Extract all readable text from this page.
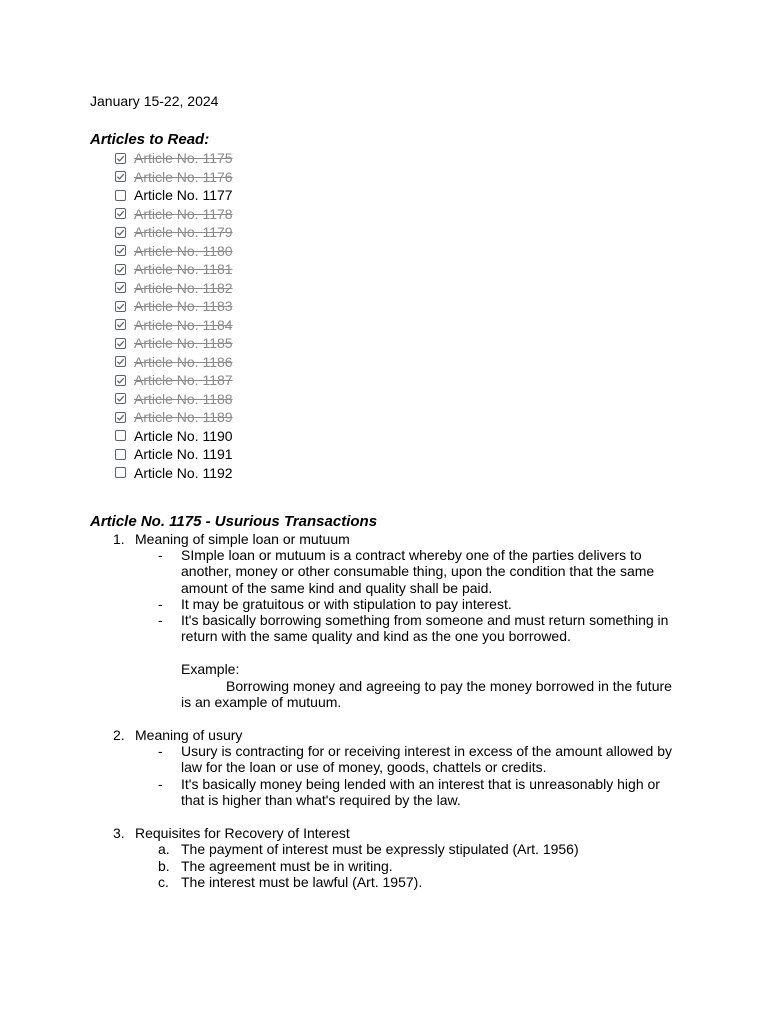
January 15-22, 2024
Articles to Read:
Article No. 1175
Article No. 1176
Article No. 1177
Article No. 1178
Article No. 1179
Article No. 1180
Article No. 1181
Article No. 1182
Article No. 1183
Article No. 1184
Article No. 1185
Article No. 1186
Article No. 1187
Article No. 1188
Article No. 1189
Article No. 1190
Article No. 1191
Article No. 1192
Article No. 1175 - Usurious Transactions
1. Meaning of simple loan or mutuum
- SImple loan or mutuum is a contract whereby one of the parties delivers to another, money or other consumable thing, upon the condition that the same amount of the same kind and quality shall be paid.
- It may be gratuitous or with stipulation to pay interest.
- It's basically borrowing something from someone and must return something in return with the same quality and kind as the one you borrowed.
Example:
Borrowing money and agreeing to pay the money borrowed in the future is an example of mutuum.
2. Meaning of usury
- Usury is contracting for or receiving interest in excess of the amount allowed by law for the loan or use of money, goods, chattels or credits.
- It's basically money being lended with an interest that is unreasonably high or that is higher than what's required by the law.
3. Requisites for Recovery of Interest
a. The payment of interest must be expressly stipulated (Art. 1956)
b. The agreement must be in writing.
c. The interest must be lawful (Art. 1957).
